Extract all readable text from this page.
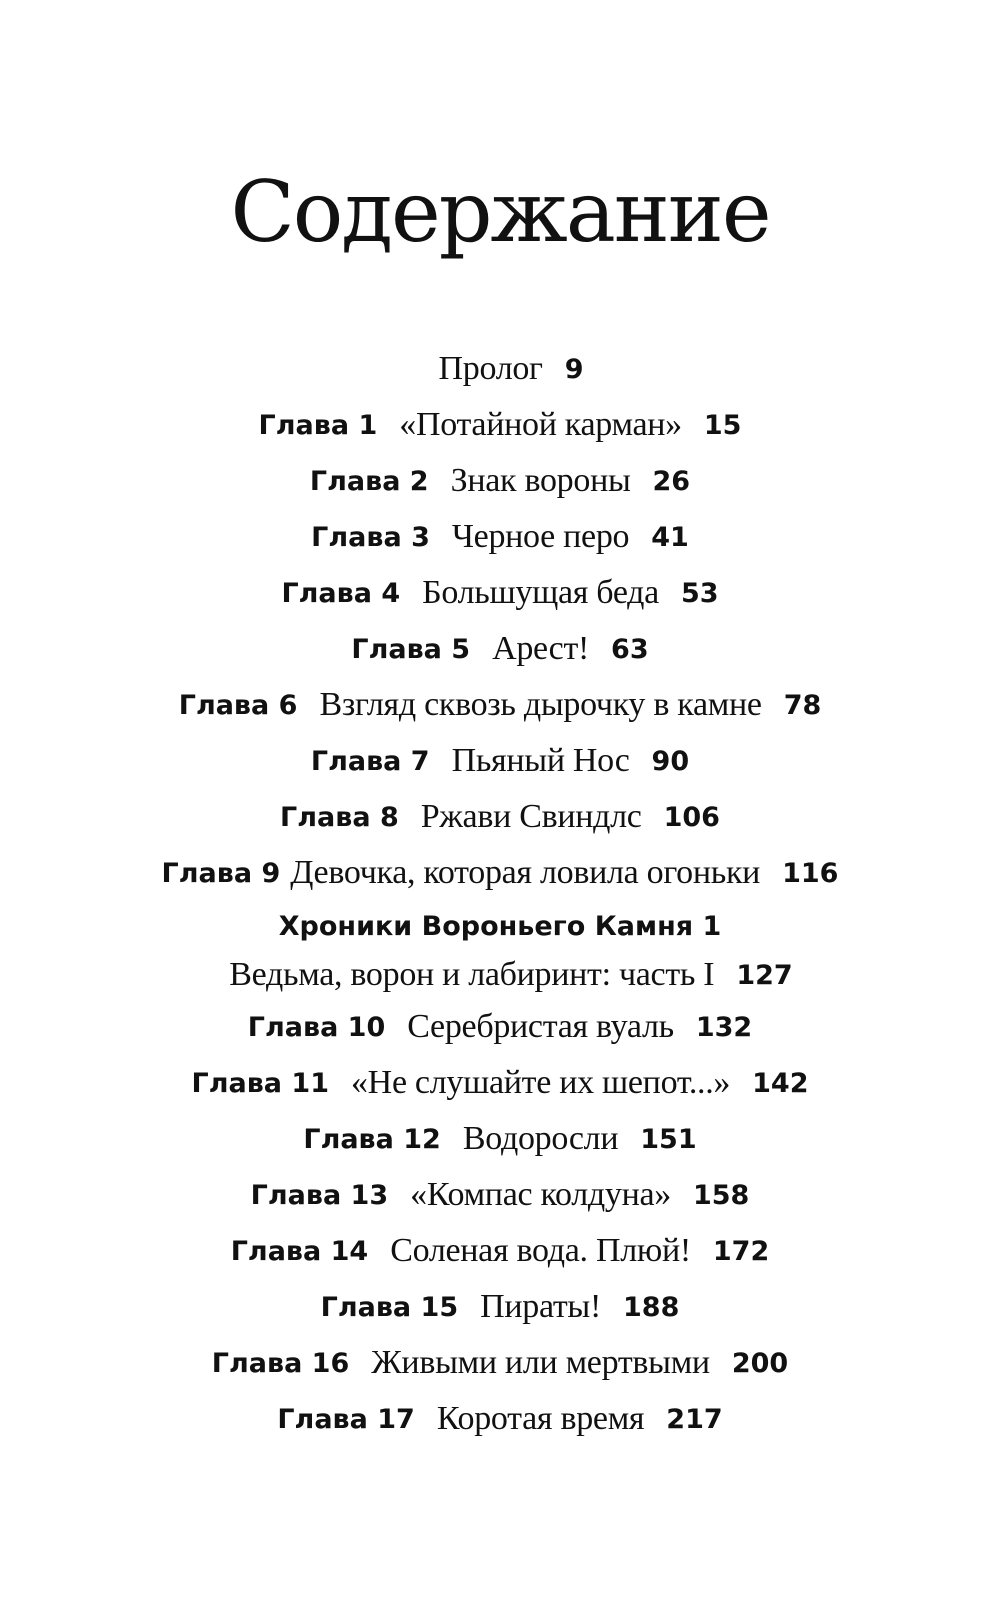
Содержание
Пролог 9
Глава 1 «Потайной карман» 15
Глава 2 Знак вороны 26
Глава 3 Черное перо 41
Глава 4 Большущая беда 53
Глава 5 Арест! 63
Глава 6 Взгляд сквозь дырочку в камне 78
Глава 7 Пьяный Нос 90
Глава 8 Ржави Свиндлс 106
Глава 9 Девочка, которая ловила огоньки 116
Хроники Вороньего Камня 1
Ведьма, ворон и лабиринт: часть I 127
Глава 10 Серебристая вуаль 132
Глава 11 «Не слушайте их шепот...» 142
Глава 12 Водоросли 151
Глава 13 «Компас колдуна» 158
Глава 14 Соленая вода. Плюй! 172
Глава 15 Пираты! 188
Глава 16 Живыми или мертвыми 200
Глава 17 Коротая время 217
